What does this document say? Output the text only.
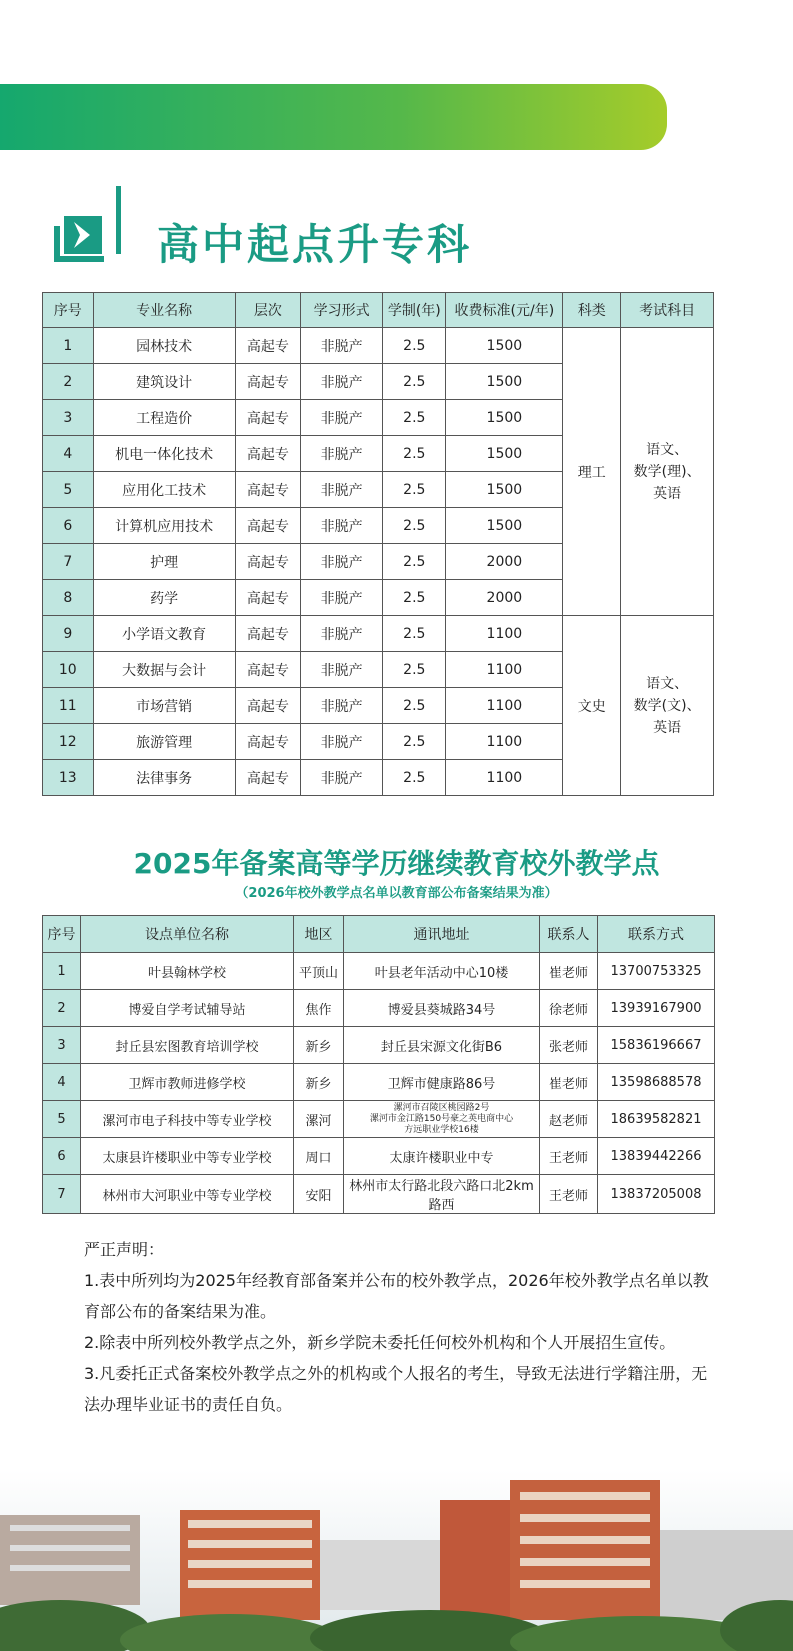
高中起点升专科
序号	专业名称	层次	学习形式	学制(年)	收费标准(元/年)	科类	考试科目
1	园林技术	高起专	非脱产	2.5	1500	理工	语文、
数学(理)、
英语

2	建筑设计	高起专	非脱产	2.5	1500		
3	工程造价	高起专	非脱产	2.5	1500		
4	机电一体化技术	高起专	非脱产	2.5	1500		
5	应用化工技术	高起专	非脱产	2.5	1500		
6	计算机应用技术	高起专	非脱产	2.5	1500		
7	护理	高起专	非脱产	2.5	2000		
8	药学	高起专	非脱产	2.5	2000		
9	小学语文教育	高起专	非脱产	2.5	1100	文史	语文、
数学(文)、
英语

10	大数据与会计	高起专	非脱产	2.5	1100		
11	市场营销	高起专	非脱产	2.5	1100		
12	旅游管理	高起专	非脱产	2.5	1100		
13	法律事务	高起专	非脱产	2.5	1100		
2025年备案高等学历继续教育校外教学点
（2026年校外教学点名单以教育部公布备案结果为准）
序号	设点单位名称	地区	通讯地址	联系人	联系方式
1	叶县翰林学校	平顶山	叶县老年活动中心10楼	崔老师	13700753325
2	博爱自学考试辅导站	焦作	博爱县葵城路34号	徐老师	13939167900
3	封丘县宏图教育培训学校	新乡	封丘县宋源文化街B6	张老师	15836196667
4	卫辉市教师进修学校	新乡	卫辉市健康路86号	崔老师	13598688578
5	漯河市电子科技中等专业学校	漯河	漯河市召陵区桃园路2号
漯河市金江路150号豪之英电商中心
方远职业学校16楼	赵老师	18639582821
6	太康县许楼职业中等专业学校	周口	太康许楼职业中专	王老师	13839442266
7	林州市大河职业中等专业学校	安阳	林州市太行路北段六路口北2km路西	王老师	13837205008

严正声明：

1.表中所列均为2025年经教育部备案并公布的校外教学点，2026年校外教学点名单以教育部公布的备案结果为准。

2.除表中所列校外教学点之外，新乡学院未委托任何校外机构和个人开展招生宣传。

3.凡委托正式备案校外教学点之外的机构或个人报名的考生，导致无法进行学籍注册，无法办理毕业证书的责任自负。
